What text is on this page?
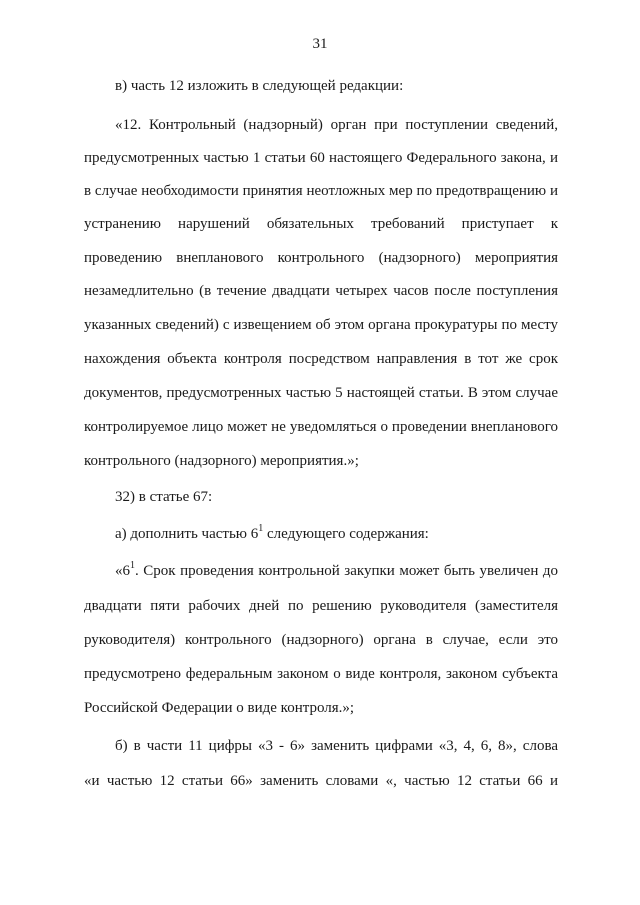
31
в) часть 12 изложить в следующей редакции:
«12. Контрольный (надзорный) орган при поступлении сведений,
предусмотренных частью 1 статьи 60 настоящего Федерального закона, и
в случае необходимости принятия неотложных мер по предотвращению и
устранению нарушений обязательных требований приступает к
проведению внепланового контрольного (надзорного) мероприятия
незамедлительно (в течение двадцати четырех часов после поступления
указанных сведений) с извещением об этом органа прокуратуры по месту
нахождения объекта контроля посредством направления в тот же срок
документов, предусмотренных частью 5 настоящей статьи. В этом случае
контролируемое лицо может не уведомляться о проведении внепланового
контрольного (надзорного) мероприятия.»;
32) в статье 67:
а) дополнить частью $6^1$ следующего содержания:
«$6^1$. Срок проведения контрольной закупки может быть увеличен до
двадцати пяти рабочих дней по решению руководителя (заместителя
руководителя) контрольного (надзорного) органа в случае, если это
предусмотрено федеральным законом о виде контроля, законом субъекта
Российской Федерации о виде контроля.»;
б) в части 11 цифры «3 - 6» заменить цифрами «3, 4, 6, 8», слова
«и частью 12 статьи 66» заменить словами «, частью 12 статьи 66 и
